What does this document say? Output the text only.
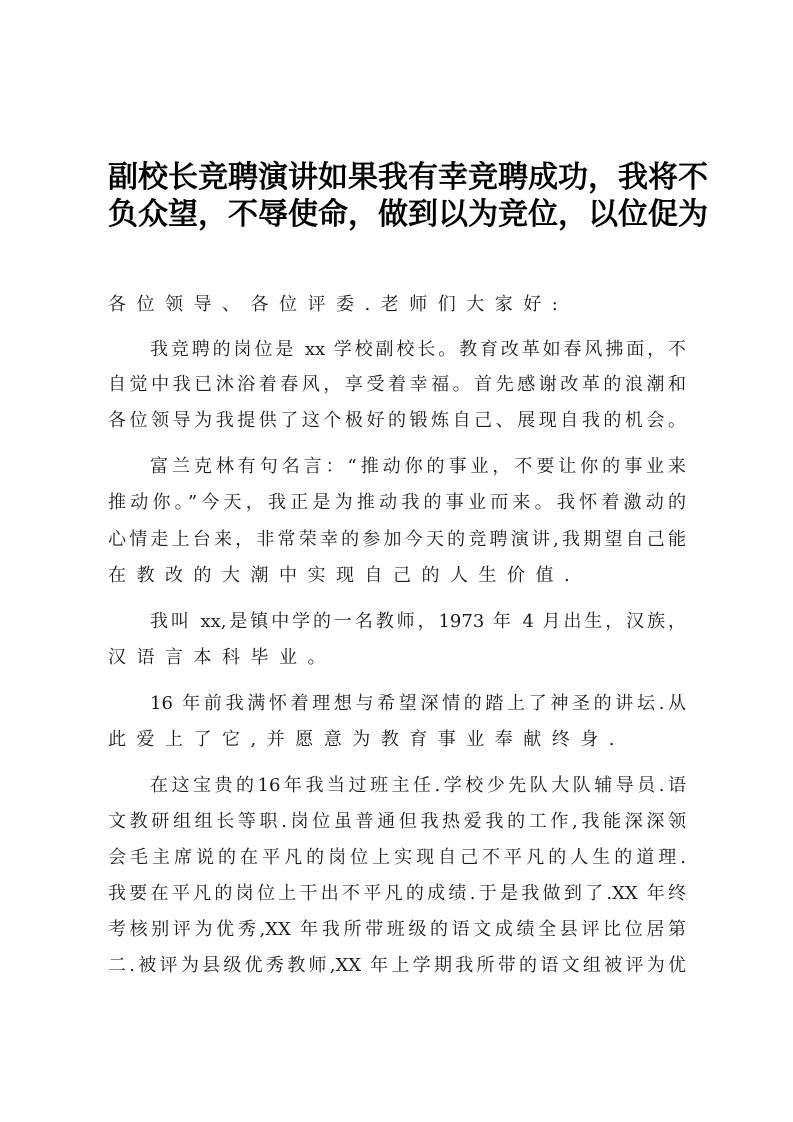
副校长竞聘演讲如果我有幸竞聘成功，我将不
负众望，不辱使命，做到以为竞位，以位促为
各位领导、各位评委.老师们大家好:
我竞聘的岗位是 xx 学校副校长。教育改革如春风拂面，不
自觉中我已沐浴着春风，享受着幸福。首先感谢改革的浪潮和
各位领导为我提供了这个极好的锻炼自己、展现自我的机会。
富兰克林有句名言：“推动你的事业，不要让你的事业来
推动你。”今天，我正是为推动我的事业而来。我怀着激动的
心情走上台来，非常荣幸的参加今天的竞聘演讲,我期望自己能
在教改的大潮中实现自己的人生价值.
我叫 xx,是镇中学的一名教师，1973 年 4 月出生，汉族，
汉语言本科毕业。
16 年前我满怀着理想与希望深情的踏上了神圣的讲坛.从
此爱上了它,并愿意为教育事业奉献终身.
在这宝贵的16年我当过班主任.学校少先队大队辅导员.语
文教研组组长等职.岗位虽普通但我热爱我的工作,我能深深领
会毛主席说的在平凡的岗位上实现自己不平凡的人生的道理.
我要在平凡的岗位上干出不平凡的成绩.于是我做到了.XX 年终
考核别评为优秀,XX 年我所带班级的语文成绩全县评比位居第
二.被评为县级优秀教师,XX 年上学期我所带的语文组被评为优
